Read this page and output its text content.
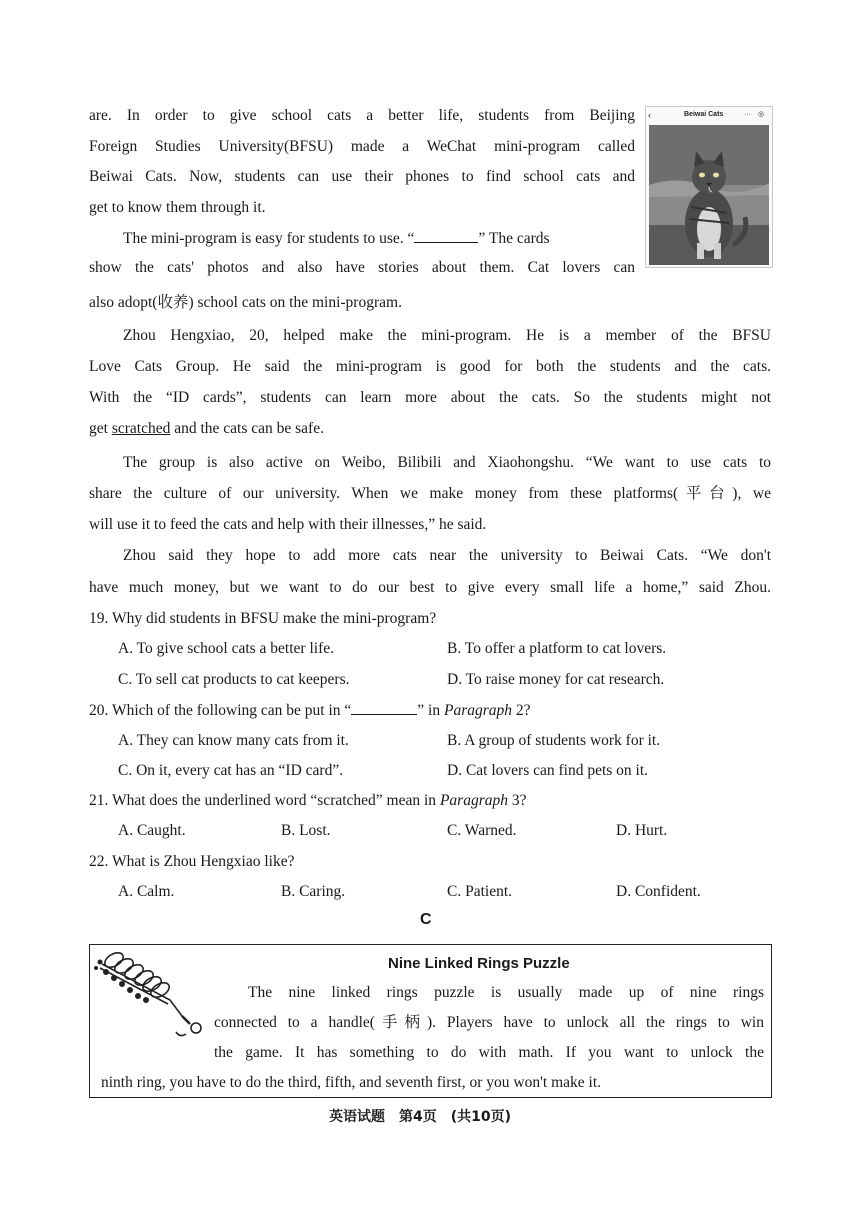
are. In order to give school cats a better life, students from Beijing
Foreign Studies University(BFSU) made a WeChat mini-program called
Beiwai Cats. Now, students can use their phones to find school cats and
get to know them through it.
The mini-program is easy for students to use. “	” The cards
show the cats' photos and also have stories about them. Cat lovers can
also adopt(收养) school cats on the mini-program.
‹	Beiwai Cats	··· ◎
Zhou Hengxiao, 20, helped make the mini-program. He is a member of the BFSU
Love Cats Group. He said the mini-program is good for both the students and the cats.
With the “ID cards”, students can learn more about the cats. So the students might not
get scratched and the cats can be safe.
The group is also active on Weibo, Bilibili and Xiaohongshu. “We want to use cats to
share the culture of our university. When we make money from these platforms(平台), we
will use it to feed the cats and help with their illnesses,” he said.
Zhou said they hope to add more cats near the university to Beiwai Cats. “We don't
have much money, but we want to do our best to give every small life a home,” said Zhou.
19. Why did students in BFSU make the mini-program?
A. To give school cats a better life.	B. To offer a platform to cat lovers.
C. To sell cat products to cat keepers.	D. To raise money for cat research.
20. Which of the following can be put in “	” in Paragraph 2?
A. They can know many cats from it.	B. A group of students work for it.
C. On it, every cat has an “ID card”.	D. Cat lovers can find pets on it.
21. What does the underlined word “scratched” mean in Paragraph 3?
A. Caught.	B. Lost.	C. Warned.	D. Hurt.
22. What is Zhou Hengxiao like?
A. Calm.	B. Caring.	C. Patient.	D. Confident.
C
Nine Linked Rings Puzzle
The nine linked rings puzzle is usually made up of nine rings
connected to a handle(手柄). Players have to unlock all the rings to win
the game. It has something to do with math. If you want to unlock the
ninth ring, you have to do the third, fifth, and seventh first, or you won't make it.
英语试题　第4页　(共10页)
